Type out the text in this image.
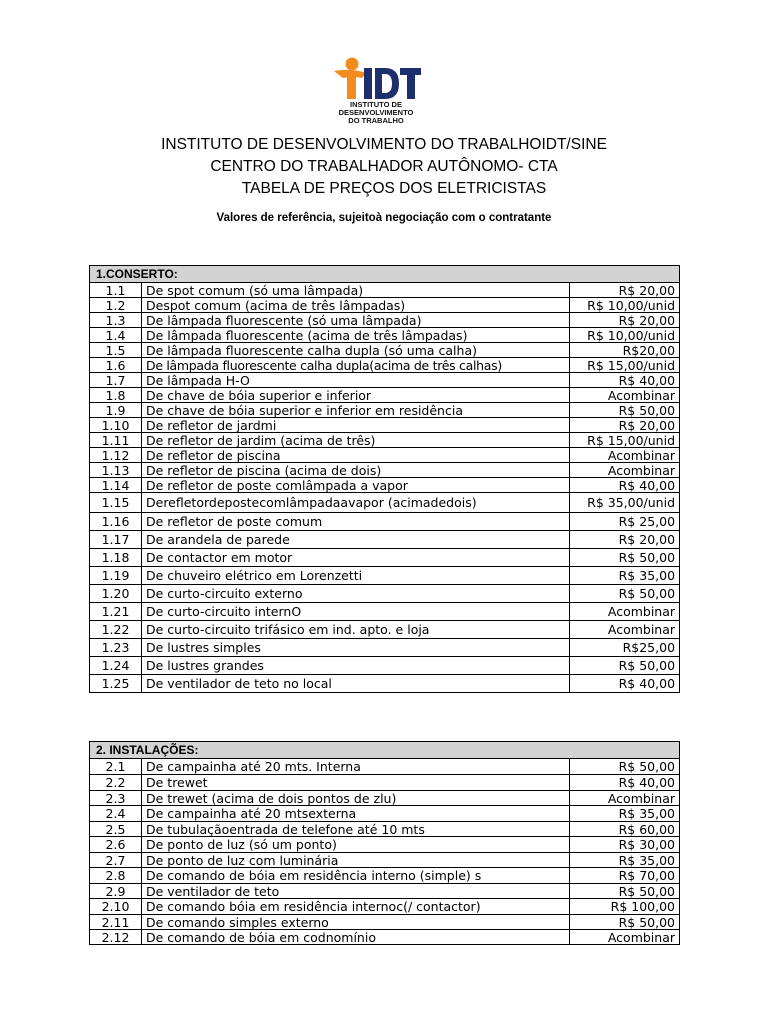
INSTITUTO DE
DESENVOLVIMENTO
DO TRABALHO
INSTITUTO DE DESENVOLVIMENTO DO TRABALHOIDT/SINE
CENTRO DO TRABALHADOR AUTÔNOMO- CTA
TABELA DE PREÇOS DOS ELETRICISTAS
Valores de referência, sujeitoà negociação com o contratante
1.CONSERTO:		
1.1	De spot comum (só uma lâmpada)	R$ 20,00
1.2	Despot comum (acima de três lâmpadas)	R$ 10,00/unid
1.3	De lâmpada fluorescente (só uma lâmpada)	R$ 20,00
1.4	De lâmpada fluorescente (acima de três lâmpadas)	R$ 10,00/unid
1.5	De lâmpada fluorescente calha dupla (só uma calha)	R$20,00
1.6	De lâmpada fluorescente calha dupla(acima de três calhas)	R$ 15,00/unid
1.7	De lâmpada H-O	R$ 40,00
1.8	De chave de bóia superior e inferior	Acombinar
1.9	De chave de bóia superior e inferior em residência	R$ 50,00
1.10	De refletor de jardmi	R$ 20,00
1.11	De refletor de jardim (acima de três)	R$ 15,00/unid
1.12	De refletor de piscina	Acombinar
1.13	De refletor de piscina (acima de dois)	Acombinar
1.14	De refletor de poste comlâmpada a vapor	R$ 40,00
1.15	Derefletordepostecomlâmpadaavapor (acimadedois)	R$ 35,00/unid
1.16	De refletor de poste comum	R$ 25,00
1.17	De arandela de parede	R$ 20,00
1.18	De contactor em motor	R$ 50,00
1.19	De chuveiro elétrico em Lorenzetti	R$ 35,00
1.20	De curto-circuito externo	R$ 50,00
1.21	De curto-circuito internO	Acombinar
1.22	De curto-circuito trifásico em ind. apto. e loja	Acombinar
1.23	De lustres simples	R$25,00
1.24	De lustres grandes	R$ 50,00
1.25	De ventilador de teto no local	R$ 40,00
2. INSTALAÇÕES:		
2.1	De campainha até 20 mts. Interna	R$ 50,00
2.2	De trewet	R$ 40,00
2.3	De trewet (acima de dois pontos de zlu)	Acombinar
2.4	De campainha até 20 mtsexterna	R$ 35,00
2.5	De tubulaçãoentrada de telefone até 10 mts	R$ 60,00
2.6	De ponto de luz (só um ponto)	R$ 30,00
2.7	De ponto de luz com luminária	R$ 35,00
2.8	De comando de bóia em residência interno (simple) s	R$ 70,00
2.9	De ventilador de teto	R$ 50,00
2.10	De comando bóia em residência internoc(/ contactor)	R$ 100,00
2.11	De comando simples externo	R$ 50,00
2.12	De comando de bóia em codnomínio	Acombinar
